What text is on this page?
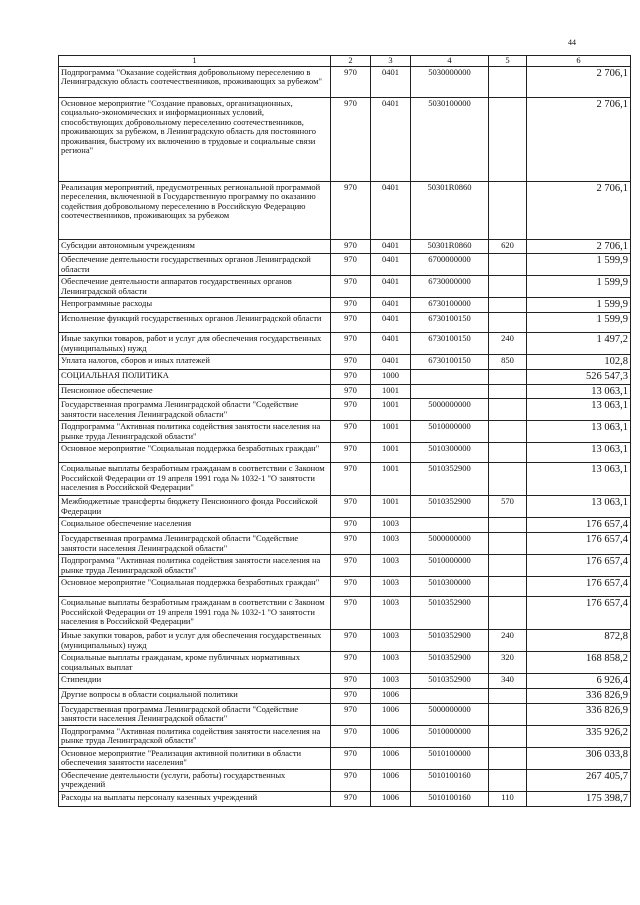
44
1	2	3	4	5	6
Подпрограмма "Оказание содействия добровольному переселению в Ленинградскую область соотечественников, проживающих за рубежом"	970	0401	5030000000		2 706,1
Основное мероприятие "Создание правовых, организационных, социально-экономических и информационных условий, способствующих добровольному переселению соотечественников, проживающих за рубежом, в Ленинградскую область для постоянного проживания, быстрому их включению в трудовые и социальные связи региона"	970	0401	5030100000		2 706,1
Реализация мероприятий, предусмотренных региональной программой переселения, включенной в Государственную программу по оказанию содействия добровольному переселению в Российскую Федерацию соотечественников, проживающих за рубежом	970	0401	50301R0860		2 706,1
Субсидии автономным учреждениям	970	0401	50301R0860	620	2 706,1
Обеспечение деятельности государственных органов Ленинградской области	970	0401	6700000000		1 599,9
Обеспечение деятельности аппаратов государственных органов Ленинградской области	970	0401	6730000000		1 599,9
Непрограммные расходы	970	0401	6730100000		1 599,9
Исполнение функций государственных органов Ленинградской области	970	0401	6730100150		1 599,9
Иные закупки товаров, работ и услуг для обеспечения государственных (муниципальных) нужд	970	0401	6730100150	240	1 497,2
Уплата налогов, сборов и иных платежей	970	0401	6730100150	850	102,8
СОЦИАЛЬНАЯ ПОЛИТИКА	970	1000			526 547,3
Пенсионное обеспечение	970	1001			13 063,1
Государственная программа Ленинградской области "Содействие занятости населения Ленинградской области"	970	1001	5000000000		13 063,1
Подпрограмма "Активная политика содействия занятости населения на рынке труда Ленинградской области"	970	1001	5010000000		13 063,1
Основное мероприятие "Социальная поддержка безработных граждан"	970	1001	5010300000		13 063,1
Социальные выплаты безработным гражданам в соответствии с Законом Российской Федерации от 19 апреля 1991 года № 1032-1 "О занятости населения в Российской Федерации"	970	1001	5010352900		13 063,1
Межбюджетные трансферты бюджету Пенсионного фонда Российской Федерации	970	1001	5010352900	570	13 063,1
Социальное обеспечение населения	970	1003			176 657,4
Государственная программа Ленинградской области "Содействие занятости населения Ленинградской области"	970	1003	5000000000		176 657,4
Подпрограмма "Активная политика содействия занятости населения на рынке труда Ленинградской области"	970	1003	5010000000		176 657,4
Основное мероприятие "Социальная поддержка безработных граждан"	970	1003	5010300000		176 657,4
Социальные выплаты безработным гражданам в соответствии с Законом Российской Федерации от 19 апреля 1991 года № 1032-1 "О занятости населения в Российской Федерации"	970	1003	5010352900		176 657,4
Иные закупки товаров, работ и услуг для обеспечения государственных (муниципальных) нужд	970	1003	5010352900	240	872,8
Социальные выплаты гражданам, кроме публичных нормативных социальных выплат	970	1003	5010352900	320	168 858,2
Стипендии	970	1003	5010352900	340	6 926,4
Другие вопросы в области социальной политики	970	1006			336 826,9
Государственная программа Ленинградской области "Содействие занятости населения Ленинградской области"	970	1006	5000000000		336 826,9
Подпрограмма "Активная политика содействия занятости населения на рынке труда Ленинградской области"	970	1006	5010000000		335 926,2
Основное мероприятие "Реализация активной политики в области обеспечения занятости населения"	970	1006	5010100000		306 033,8
Обеспечение деятельности (услуги, работы) государственных учреждений	970	1006	5010100160		267 405,7
Расходы на выплаты персоналу казенных учреждений	970	1006	5010100160	110	175 398,7
